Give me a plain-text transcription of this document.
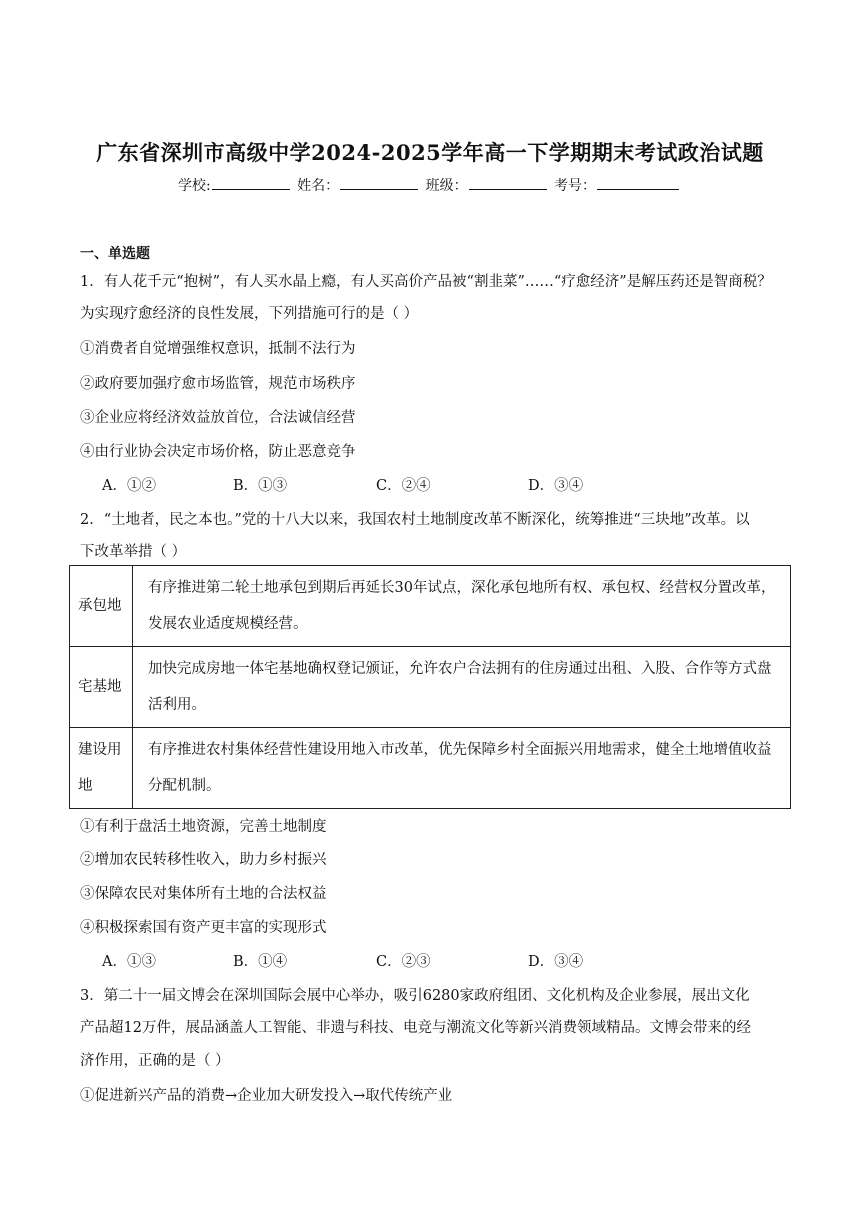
广东省深圳市高级中学2024-2025学年高一下学期期末考试政治试题
学校:	姓名：	班级：	考号：
一、单选题
1．有人花千元“抱树”，有人买水晶上瘾，有人买高价产品被“割韭菜”……“疗愈经济”是解压药还是智商税？
为实现疗愈经济的良性发展，下列措施可行的是（ ）
①消费者自觉增强维权意识，抵制不法行为
②政府要加强疗愈市场监管，规范市场秩序
③企业应将经济效益放首位，合法诚信经营
④由行业协会决定市场价格，防止恶意竞争
A．①②	B．①③	C．②④	D．③④
2．“土地者，民之本也。”党的十八大以来，我国农村土地制度改革不断深化，统筹推进“三块地”改革。以
下改革举措（ ）
承包地	有序推进第二轮土地承包到期后再延长30年试点，深化承包地所有权、承包权、经营权分置改革，发展农业适度规模经营。
宅基地	加快完成房地一体宅基地确权登记颁证，允许农户合法拥有的住房通过出租、入股、合作等方式盘活利用。
建设用地	有序推进农村集体经营性建设用地入市改革，优先保障乡村全面振兴用地需求，健全土地增值收益分配机制。
①有利于盘活土地资源，完善土地制度
②增加农民转移性收入，助力乡村振兴
③保障农民对集体所有土地的合法权益
④积极探索国有资产更丰富的实现形式
A．①③	B．①④	C．②③	D．③④
3．第二十一届文博会在深圳国际会展中心举办，吸引6280家政府组团、文化机构及企业参展，展出文化
产品超12万件，展品涵盖人工智能、非遗与科技、电竞与潮流文化等新兴消费领域精品。文博会带来的经
济作用，正确的是（ ）
①促进新兴产品的消费→企业加大研发投入→取代传统产业
